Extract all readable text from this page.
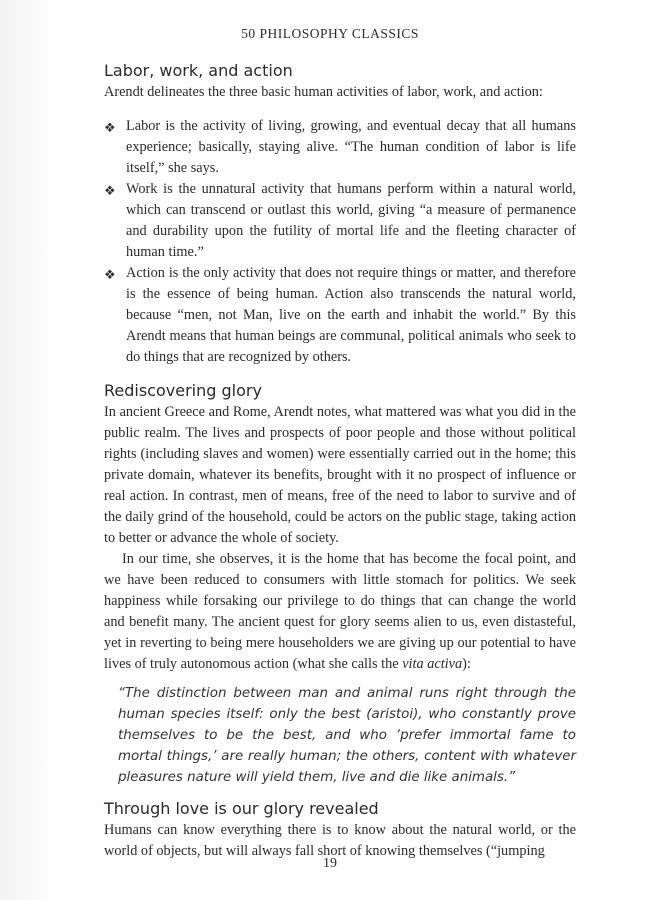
50 PHILOSOPHY CLASSICS
Labor, work, and action

Arendt delineates the three basic human activities of labor, work, and action:

❖ Labor is the activity of living, growing, and eventual decay that all humans experience; basically, staying alive. “The human condition of labor is life itself,” she says.

❖ Work is the unnatural activity that humans perform within a natural world, which can transcend or outlast this world, giving “a measure of permanence and durability upon the futility of mortal life and the fleeting character of human time.”

❖ Action is the only activity that does not require things or matter, and therefore is the essence of being human. Action also transcends the natural world, because “men, not Man, live on the earth and inhabit the world.” By this Arendt means that human beings are communal, political animals who seek to do things that are recognized by others.

Rediscovering glory

In ancient Greece and Rome, Arendt notes, what mattered was what you did in the public realm. The lives and prospects of poor people and those without political rights (including slaves and women) were essentially carried out in the home; this private domain, whatever its benefits, brought with it no prospect of influence or real action. In contrast, men of means, free of the need to labor to survive and of the daily grind of the household, could be actors on the public stage, taking action to better or advance the whole of society.

In our time, she observes, it is the home that has become the focal point, and we have been reduced to consumers with little stomach for politics. We seek happiness while forsaking our privilege to do things that can change the world and benefit many. The ancient quest for glory seems alien to us, even distasteful, yet in reverting to being mere householders we are giving up our potential to have lives of truly autonomous action (what she calls the vita activa):

“The distinction between man and animal runs right through the human species itself: only the best (aristoi), who constantly prove themselves to be the best, and who ‘prefer immortal fame to mortal things,’ are really human; the others, content with whatever pleasures nature will yield them, live and die like animals.”

Through love is our glory revealed

Humans can know everything there is to know about the natural world, or the world of objects, but will always fall short of knowing themselves (“jumping

19
